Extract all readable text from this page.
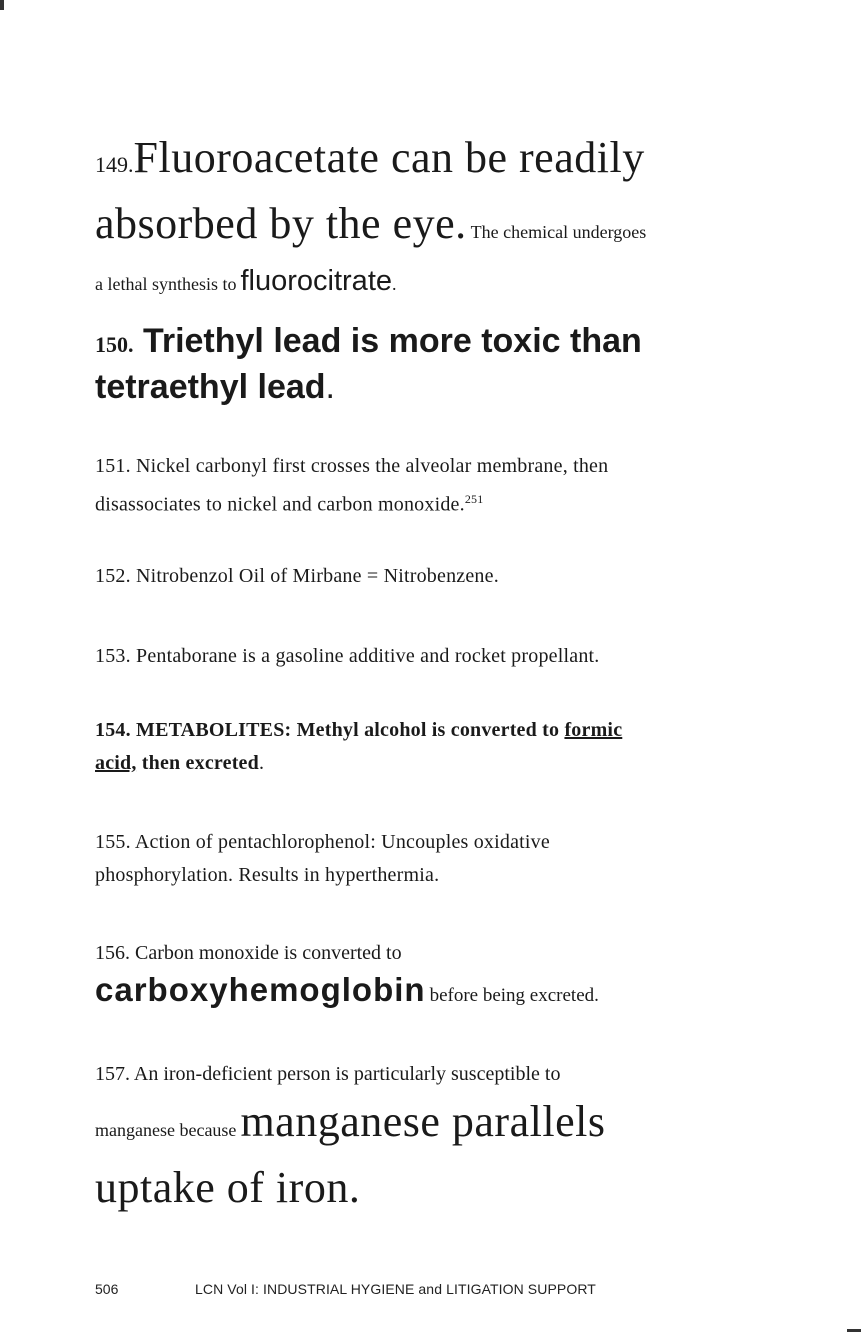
149.Fluoroacetate can be readily
absorbed by the eye. The chemical undergoes
a lethal synthesis to fluorocitrate.
150. Triethyl lead is more toxic than
tetraethyl lead.
151. Nickel carbonyl first crosses the alveolar membrane, then
disassociates to nickel and carbon monoxide.$^{251}$
152. Nitrobenzol Oil of Mirbane = Nitrobenzene.
153. Pentaborane is a gasoline additive and rocket propellant.
154. METABOLITES: Methyl alcohol is converted to formic
acid, then excreted.
155. Action of pentachlorophenol: Uncouples oxidative
phosphorylation. Results in hyperthermia.
156. Carbon monoxide is converted to
carboxyhemoglobin before being excreted.
157. An iron-deficient person is particularly susceptible to
manganese because manganese parallels
uptake of iron.
506	LCN Vol I: INDUSTRIAL HYGIENE and LITIGATION SUPPORT
